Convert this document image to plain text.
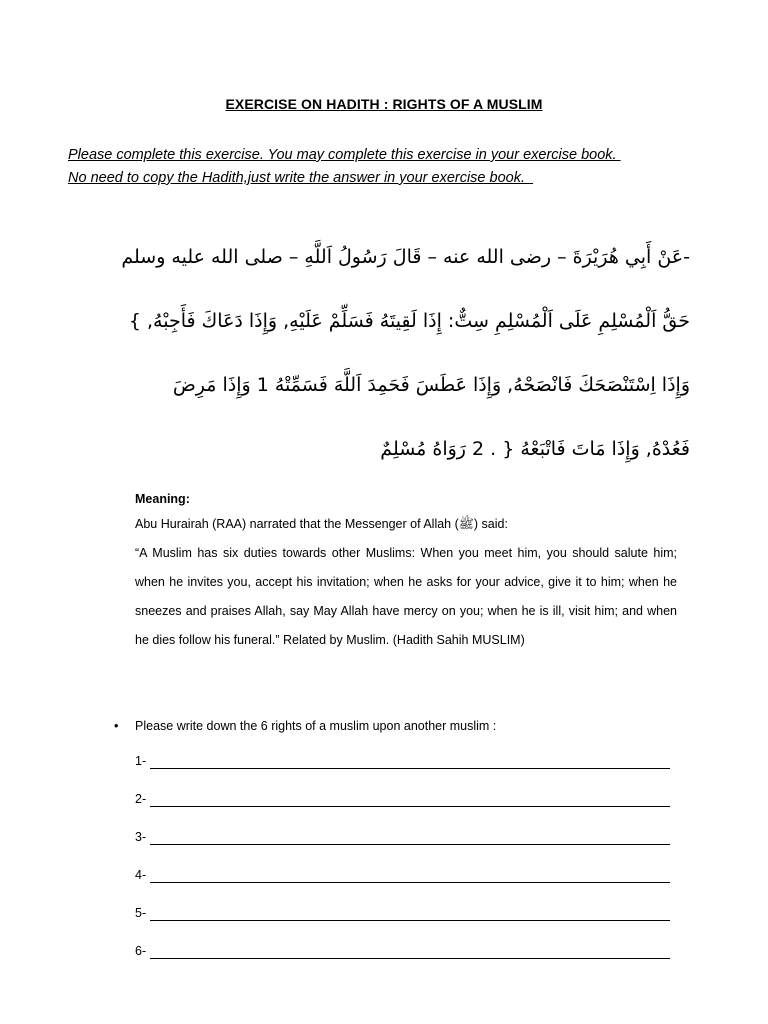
EXERCISE ON HADITH : RIGHTS OF A MUSLIM
Please complete this exercise. You may complete this exercise in your exercise book.
No need to copy the Hadith,just write the answer in your exercise book.
-عَنْ أَبِي هُرَيْرَةَ – رضى الله عنه – قَالَ رَسُولُ اَللَّهِ – صلى الله عليه وسلم
حَقُّ اَلْمُسْلِمِ عَلَى اَلْمُسْلِمِ سِتٌّ: إِذَا لَقِيتَهُ فَسَلِّمْ عَلَيْهِ, وَإِذَا دَعَاكَ فَأَجِبْهُ, }
وَإِذَا اِسْتَنْصَحَكَ فَانْصَحْهُ, وَإِذَا عَطَسَ فَحَمِدَ اَللَّهَ فَسَمِّتْهُ 1 وَإِذَا مَرِضَ
فَعُدْهُ, وَإِذَا مَاتَ فَاتْبَعْهُ { . 2 رَوَاهُ مُسْلِمٌ
Meaning:
Abu Hurairah (RAA) narrated that the Messenger of Allah (ﷺ) said:
“A Muslim has six duties towards other Muslims: When you meet him, you should salute him; when he invites you, accept his invitation; when he asks for your advice, give it to him; when he sneezes and praises Allah, say May Allah have mercy on you; when he is ill, visit him; and when he dies follow his funeral.” Related by Muslim. (Hadith Sahih MUSLIM)
• Please write down the 6 rights of a muslim upon another muslim :
1-
2-
3-
4-
5-
6-
